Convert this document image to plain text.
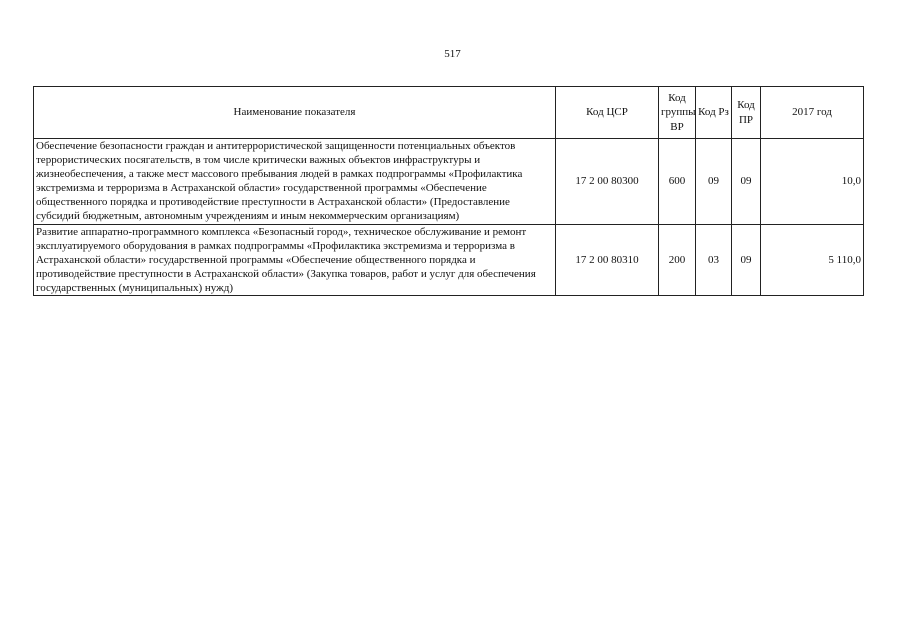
517
Наименование показателя	Код ЦСР	Код группы ВР	Код Рз	Код ПР	2017 год
Обеспечение безопасности граждан и антитеррористической защищенности потенциальных объектов террористических посягательств, в том числе критически важных объектов инфраструктуры и жизнеобеспечения, а также мест массового пребывания людей в рамках подпрограммы «Профилактика экстремизма и терроризма в Астраханской области» государственной программы «Обеспечение общественного порядка и противодействие преступности в Астраханской области» (Предоставление субсидий бюджетным, автономным учреждениям и иным некоммерческим организациям)	17 2 00 80300	600	09	09	10,0
Развитие аппаратно-программного комплекса «Безопасный город», техническое обслуживание и ремонт эксплуатируемого оборудования в рамках подпрограммы «Профилактика экстремизма и терроризма в Астраханской области» государственной программы «Обеспечение общественного порядка и противодействие преступности в Астраханской области» (Закупка товаров, работ и услуг для обеспечения государственных (муниципальных) нужд)	17 2 00 80310	200	03	09	5 110,0
